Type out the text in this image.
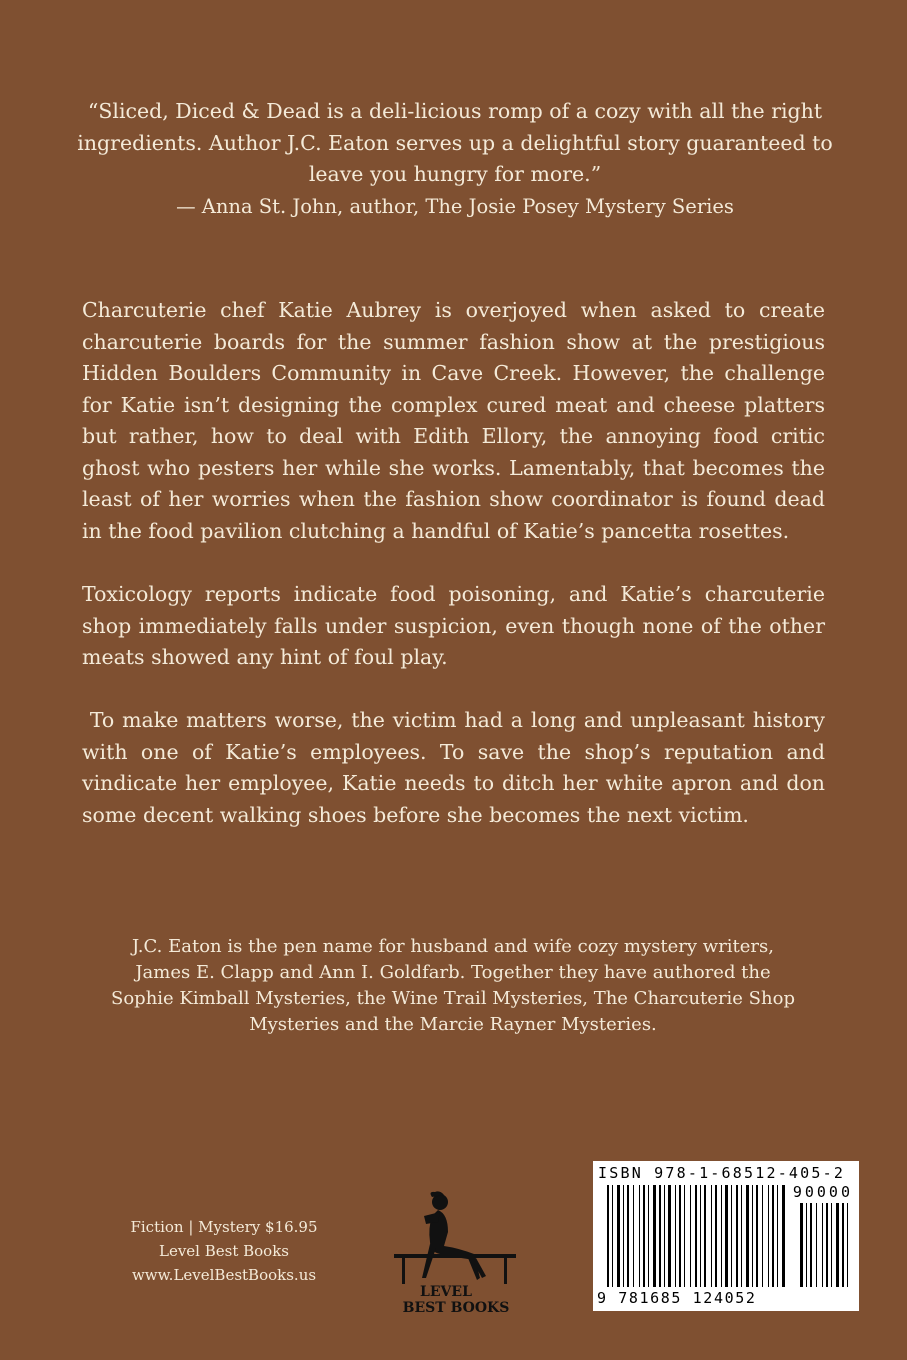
“Sliced, Diced & Dead is a deli-licious romp of a cozy with all the right ingredients. Author J.C. Eaton serves up a delightful story guaranteed to leave you hungry for more.”
— Anna St. John, author, The Josie Posey Mystery Series
Charcuterie chef Katie Aubrey is overjoyed when asked to create charcuterie boards for the summer fashion show at the prestigious Hidden Boulders Community in Cave Creek. However, the challenge for Katie isn’t designing the complex cured meat and cheese platters but rather, how to deal with Edith Ellory, the annoying food critic ghost who pesters her while she works. Lamentably, that becomes the least of her worries when the fashion show coordinator is found dead in the food pavilion clutching a handful of Katie’s pancetta rosettes.
Toxicology reports indicate food poisoning, and Katie’s charcuterie shop immediately falls under suspicion, even though none of the other meats showed any hint of foul play.
To make matters worse, the victim had a long and unpleasant history with one of Katie’s employees. To save the shop’s reputation and vindicate her employee, Katie needs to ditch her white apron and don some decent walking shoes before she becomes the next victim.
J.C. Eaton is the pen name for husband and wife cozy mystery writers, James E. Clapp and Ann I. Goldfarb. Together they have authored the Sophie Kimball Mysteries, the Wine Trail Mysteries, The Charcuterie Shop Mysteries and the Marcie Rayner Mysteries.
Fiction | Mystery $16.95
Level Best Books
www.LevelBestBooks.us
LEVEL
BEST BOOKS
ISBN 978-1-68512-405-2
90000
9 781685 124052
